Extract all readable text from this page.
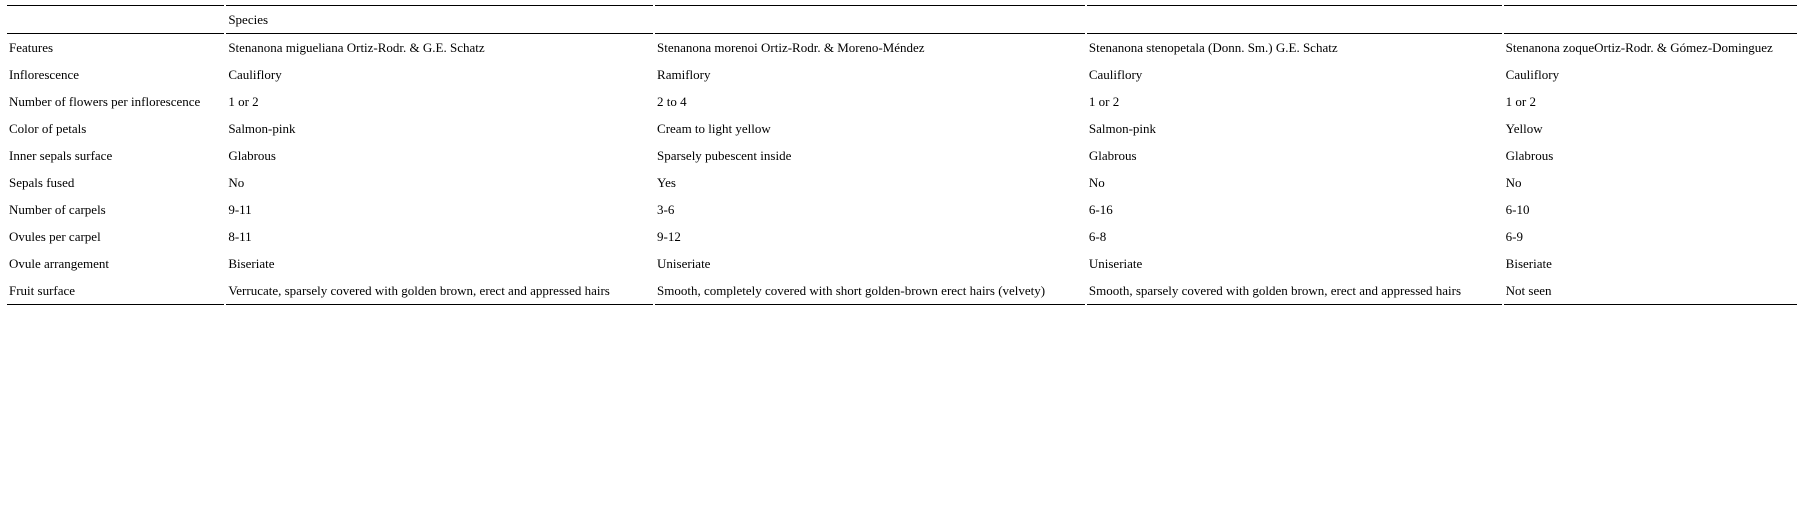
	Species			
Features	Stenanona migueliana Ortiz-Rodr. & G.E. Schatz	Stenanona morenoi Ortiz-Rodr. & Moreno-Méndez	Stenanona stenopetala (Donn. Sm.) G.E. Schatz	Stenanona zoqueOrtiz-Rodr. & Gómez-Dominguez
Inflorescence	Cauliflory	Ramiflory	Cauliflory	Cauliflory
Number of flowers per inflorescence	1 or 2	2 to 4	1 or 2	1 or 2
Color of petals	Salmon-pink	Cream to light yellow	Salmon-pink	Yellow
Inner sepals surface	Glabrous	Sparsely pubescent inside	Glabrous	Glabrous
Sepals fused	No	Yes	No	No
Number of carpels	9-11	3-6	6-16	6-10
Ovules per carpel	8-11	9-12	6-8	6-9
Ovule arrangement	Biseriate	Uniseriate	Uniseriate	Biseriate
Fruit surface	Verrucate, sparsely covered with golden brown, erect and appressed hairs	Smooth, completely covered with short golden-brown erect hairs (velvety)	Smooth, sparsely covered with golden brown, erect and appressed hairs	Not seen
